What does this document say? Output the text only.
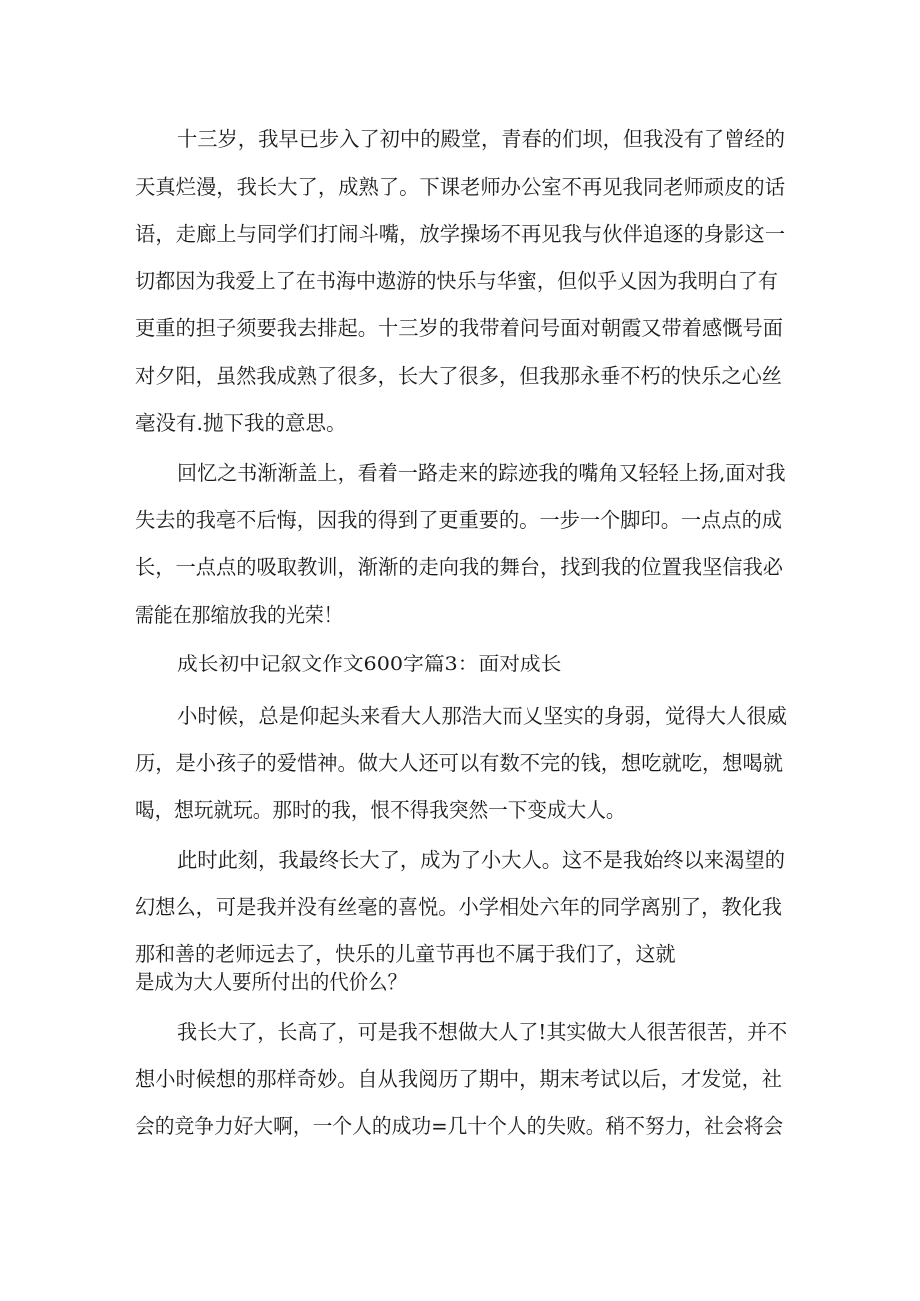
十三岁，我早已步入了初中的殿堂，青春的们坝，但我没有了曾经的

天真烂漫，我长大了，成熟了。下课老师办公室不再见我同老师顽皮的话

语，走廊上与同学们打闹斗嘴，放学操场不再见我与伙伴追逐的身影这一

切都因为我爱上了在书海中遨游的快乐与华蜜，但似乎乂因为我明白了有

更重的担子须要我去排起。十三岁的我带着问号面对朝霞又带着感慨号面

对夕阳，虽然我成熟了很多，长大了很多，但我那永垂不朽的快乐之心丝

毫没有.抛下我的意思。

回忆之书渐渐盖上，看着一路走来的踪迹我的嘴角又轻轻上扬,面对我

失去的我亳不后悔，因我的得到了更重要的。一步一个脚印。一点点的成

长，一点点的吸取教训，渐渐的走向我的舞台，找到我的位置我坚信我必

需能在那缩放我的光荣！

成长初中记叙文作文600字篇3：面对成长

小时候，总是仰起头来看大人那浩大而乂坚实的身弱，觉得大人很威

历，是小孩子的爱惜神。做大人还可以有数不完的钱，想吃就吃，想喝就

喝，想玩就玩。那时的我，恨不得我突然一下变成大人。

此时此刻，我最终长大了，成为了小大人。这不是我始终以来渴望的

幻想么，可是我并没有丝毫的喜悦。小学相处六年的同学离别了，教化我

那和善的老师远去了，快乐的儿童节再也不属于我们了，这就

是成为大人要所付出的代价么？

我长大了，长高了，可是我不想做大人了!其实做大人很苦很苦，并不

想小时候想的那样奇妙。自从我阅历了期中，期末考试以后，才发觉，社

会的竞争力好大啊，一个人的成功=几十个人的失败。稍不努力，社会将会
